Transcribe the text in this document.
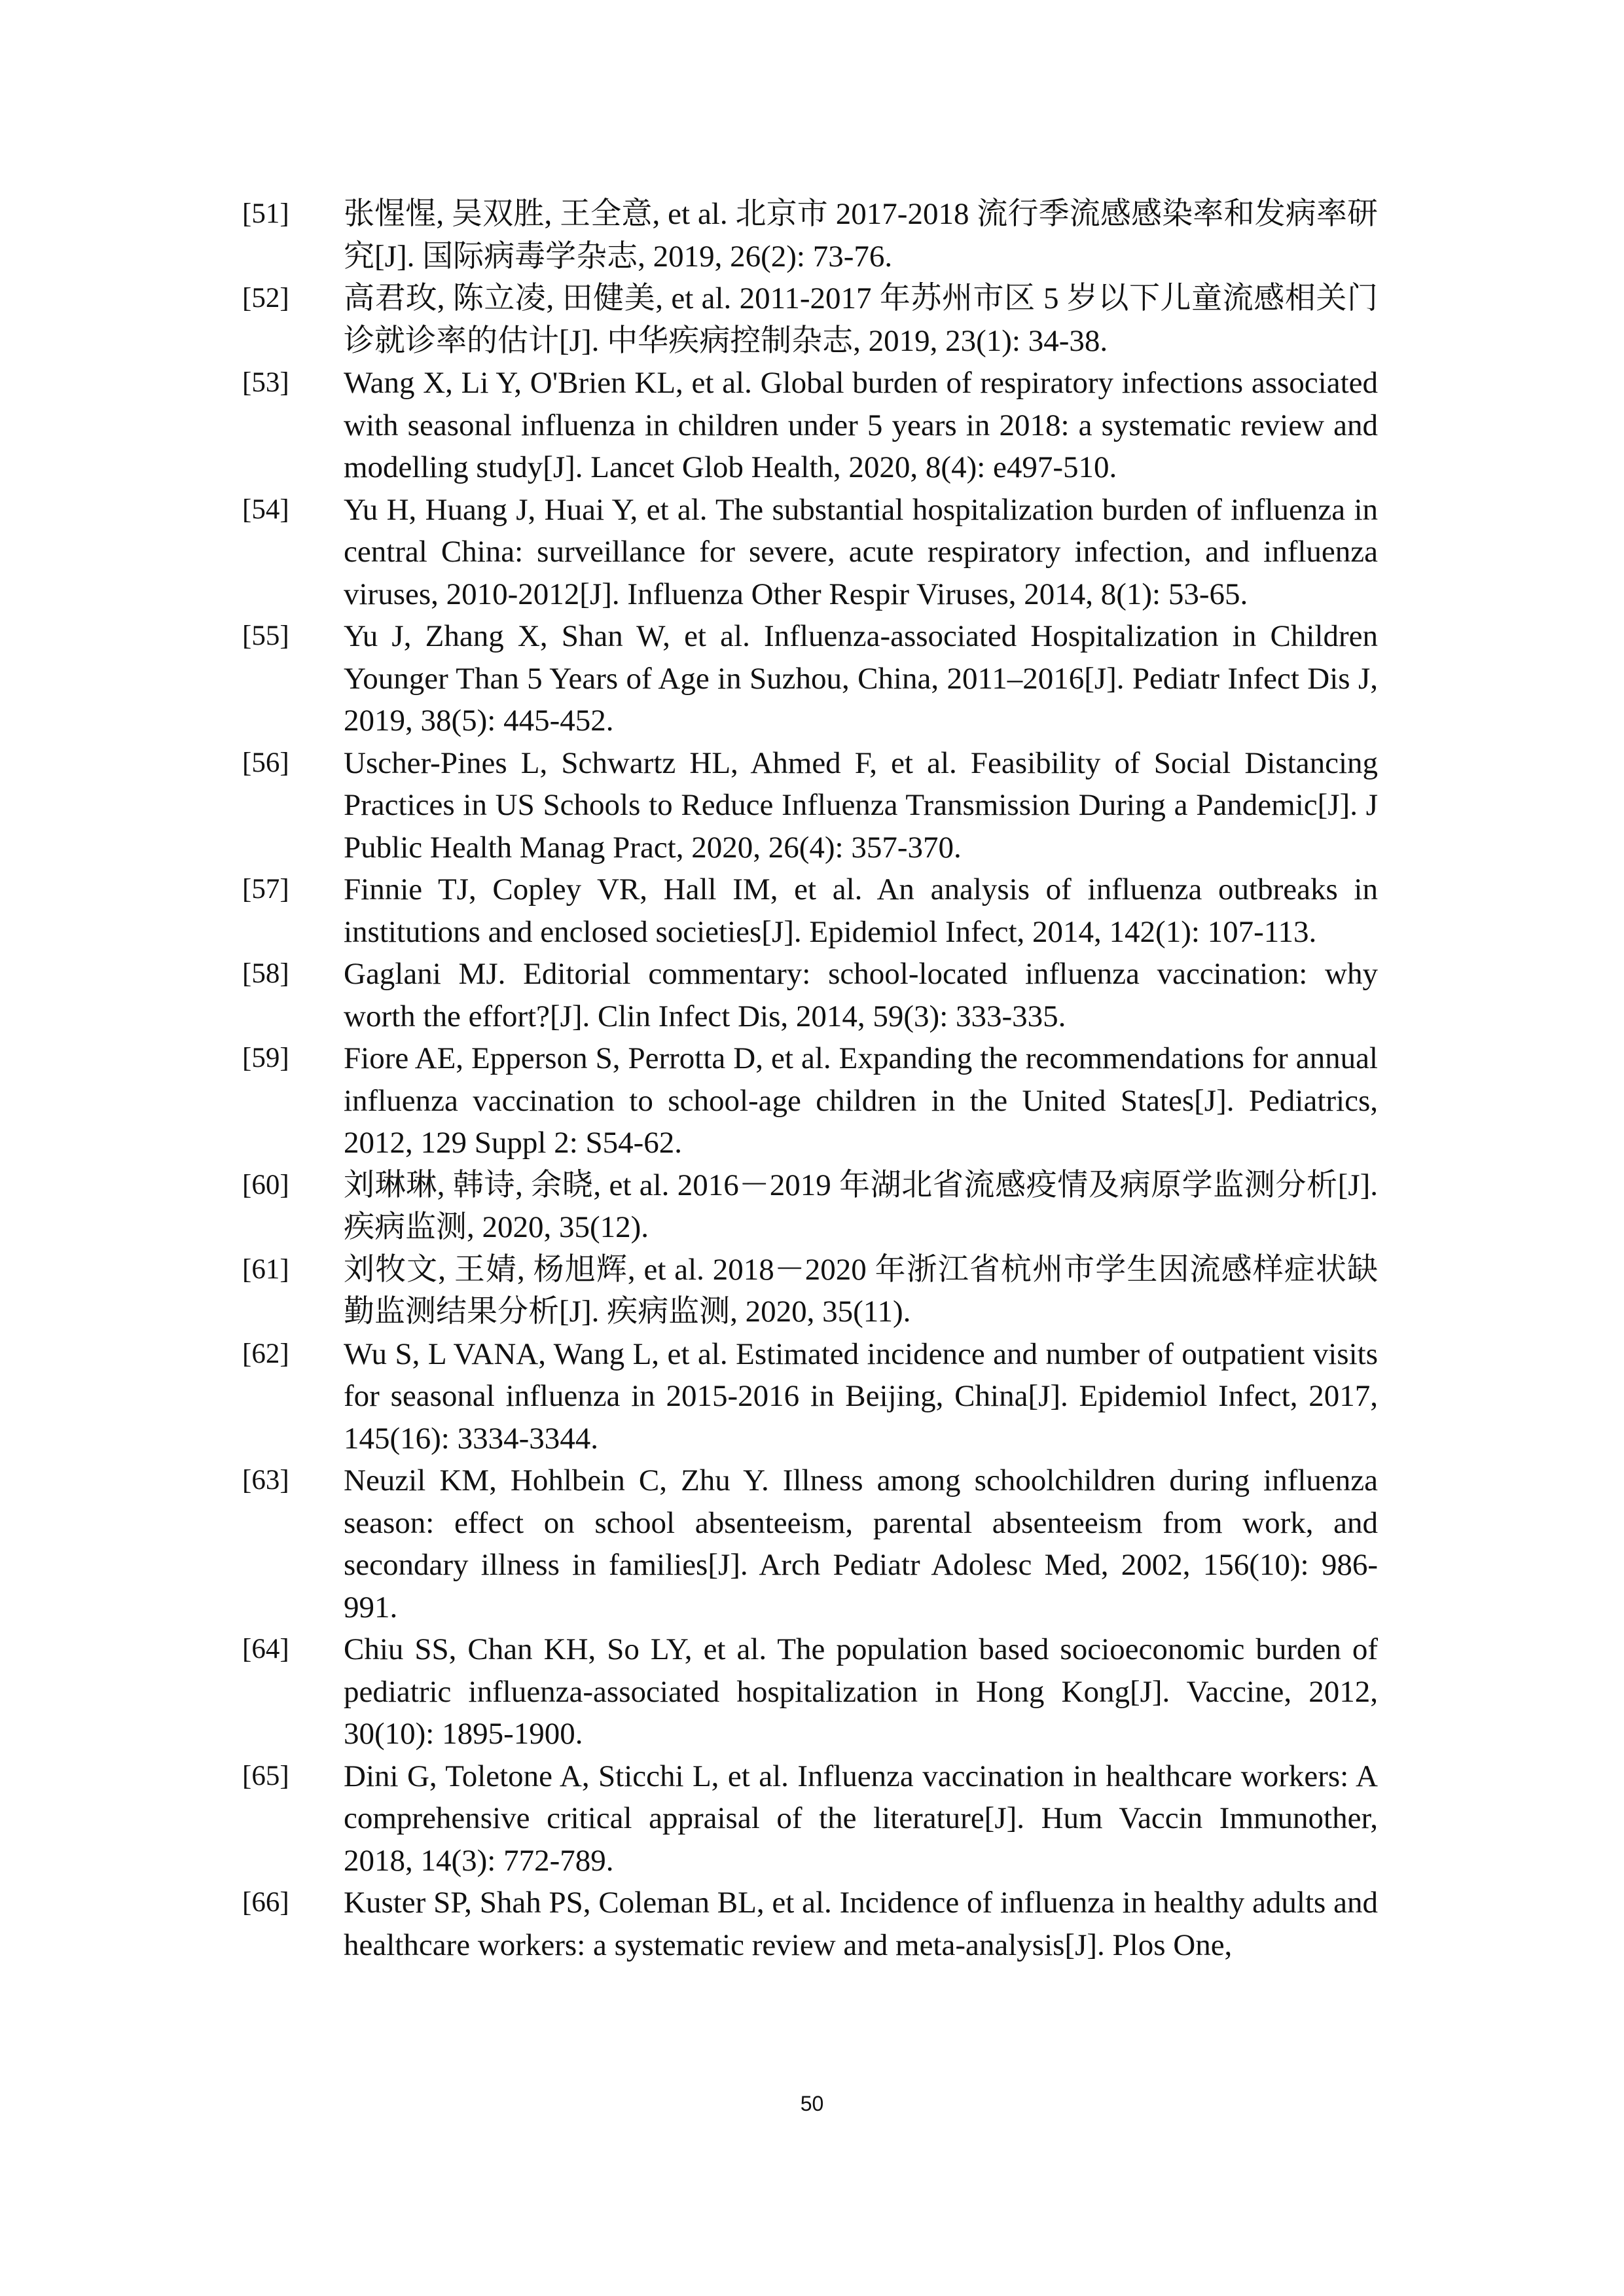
[51]	张惺惺, 吴双胜, 王全意, et al. 北京市 2017-2018 流行季流感感染率和发病率研究[J]. 国际病毒学杂志, 2019, 26(2): 73-76.
[52]	高君玫, 陈立凌, 田健美, et al. 2011-2017 年苏州市区 5 岁以下儿童流感相关门诊就诊率的估计[J]. 中华疾病控制杂志, 2019, 23(1): 34-38.
[53]	Wang X, Li Y, O'Brien KL, et al. Global burden of respiratory infections associated with seasonal influenza in children under 5 years in 2018: a systematic review and modelling study[J]. Lancet Glob Health, 2020, 8(4): e497-510.
[54]	Yu H, Huang J, Huai Y, et al. The substantial hospitalization burden of influenza in central China: surveillance for severe, acute respiratory infection, and influenza viruses, 2010-2012[J]. Influenza Other Respir Viruses, 2014, 8(1): 53-65.
[55]	Yu J, Zhang X, Shan W, et al. Influenza-associated Hospitalization in Children Younger Than 5 Years of Age in Suzhou, China, 2011–2016[J]. Pediatr Infect Dis J, 2019, 38(5): 445-452.
[56]	Uscher-Pines L, Schwartz HL, Ahmed F, et al. Feasibility of Social Distancing Practices in US Schools to Reduce Influenza Transmission During a Pandemic[J]. J Public Health Manag Pract, 2020, 26(4): 357-370.
[57]	Finnie TJ, Copley VR, Hall IM, et al. An analysis of influenza outbreaks in institutions and enclosed societies[J]. Epidemiol Infect, 2014, 142(1): 107-113.
[58]	Gaglani MJ. Editorial commentary: school-located influenza vaccination: why worth the effort?[J]. Clin Infect Dis, 2014, 59(3): 333-335.
[59]	Fiore AE, Epperson S, Perrotta D, et al. Expanding the recommendations for annual influenza vaccination to school-age children in the United States[J]. Pediatrics, 2012, 129 Suppl 2: S54-62.
[60]	刘琳琳, 韩诗, 余晓, et al. 2016－2019 年湖北省流感疫情及病原学监测分析[J]. 疾病监测, 2020, 35(12).
[61]	刘牧文, 王婧, 杨旭辉, et al. 2018－2020 年浙江省杭州市学生因流感样症状缺勤监测结果分析[J]. 疾病监测, 2020, 35(11).
[62]	Wu S, L VANA, Wang L, et al. Estimated incidence and number of outpatient visits for seasonal influenza in 2015-2016 in Beijing, China[J]. Epidemiol Infect, 2017, 145(16): 3334-3344.
[63]	Neuzil KM, Hohlbein C, Zhu Y. Illness among schoolchildren during influenza season: effect on school absenteeism, parental absenteeism from work, and secondary illness in families[J]. Arch Pediatr Adolesc Med, 2002, 156(10): 986-991.
[64]	Chiu SS, Chan KH, So LY, et al. The population based socioeconomic burden of pediatric influenza-associated hospitalization in Hong Kong[J]. Vaccine, 2012, 30(10): 1895-1900.
[65]	Dini G, Toletone A, Sticchi L, et al. Influenza vaccination in healthcare workers: A comprehensive critical appraisal of the literature[J]. Hum Vaccin Immunother, 2018, 14(3): 772-789.
[66]	Kuster SP, Shah PS, Coleman BL, et al. Incidence of influenza in healthy adults and healthcare workers: a systematic review and meta-analysis[J]. Plos One,
50
